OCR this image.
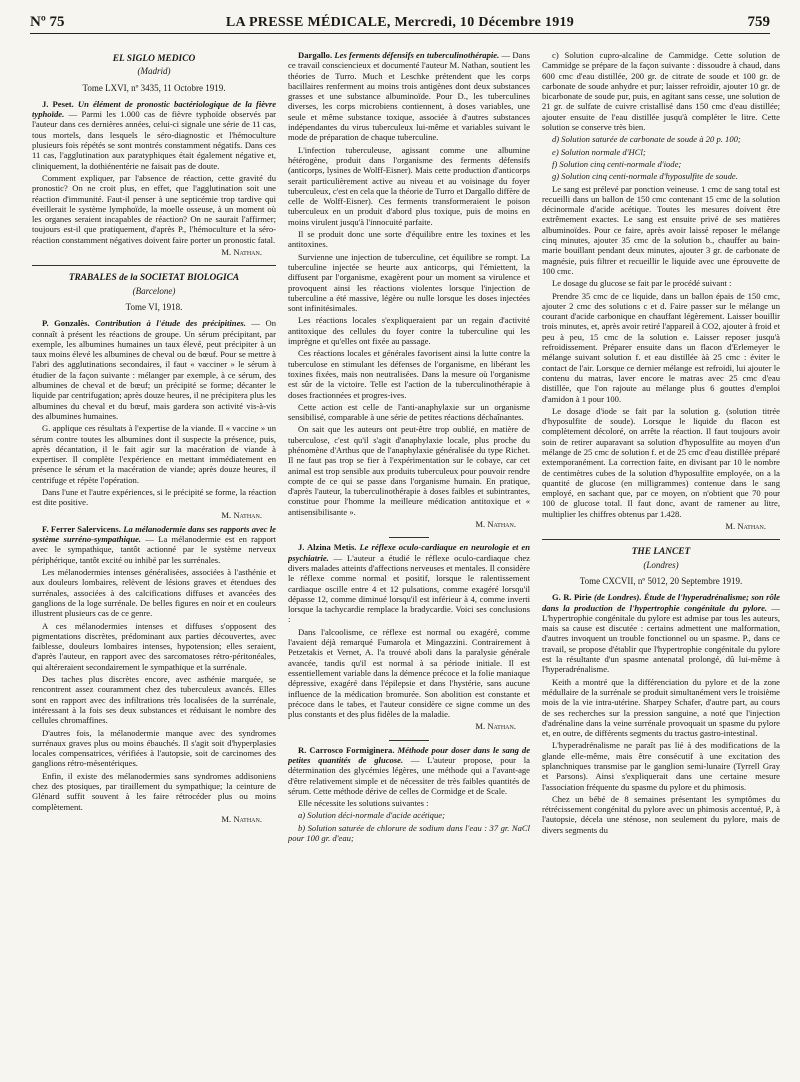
Nº 75	LA PRESSE MÉDICALE, Mercredi, 10 Décembre 1919	759
EL SIGLO MEDICO
(Madrid)
Tome LXVI, nº 3435, 11 Octobre 1919.

J. Peset. Un élément de pronostic bactériologique de la fièvre typhoïde. — Parmi les 1.000 cas de fièvre typhoïde observés par l'auteur dans ces dernières années, celui-ci signale une série de 11 cas, tous mortels, dans lesquels le séro-diagnostic et l'hémoculture plusieurs fois répétés se sont montrés constamment négatifs. Dans ces 11 cas, l'agglutination aux paratyphiques était également négative et, cliniquement, la dothiénentérie ne faisait pas de doute.

Comment expliquer, par l'absence de réaction, cette gravité du pronostic? On ne croit plus, en effet, que l'agglutination soit une réaction d'immunité. Faut-il penser à une septicémie trop tardive qui éveillerait le système lymphoïde, la moelle osseuse, à un moment où les organes seraient incapables de réaction? On ne saurait l'affirmer; toujours est-il que pratiquement, d'après P., l'hémoculture et la séro-réaction constamment négatives doivent faire porter un pronostic fatal.

M. Nathan.
TRABALES de la SOCIETAT BIOLOGICA
(Barcelone)
Tome VI, 1918.

P. Gonzalès. Contribution à l'étude des précipitines. — On connaît à présent les réactions de groupe. Un sérum précipitant, par exemple, les albumines humaines un taux élevé, peut précipiter à un taux moins élevé les albumines de cheval ou de bœuf. Pour se mettre à l'abri des agglutinations secondaires, il faut « vacciner » le sérum à étudier de la façon suivante : mélanger par exemple, à ce sérum, des albumines de cheval et de bœuf; un précipité se forme; décanter le liquide par centrifugation; après douze heures, il ne précipitera plus les albumines du cheval et du bœuf, mais gardera son activité vis-à-vis des albumines humaines.

G. applique ces résultats à l'expertise de la viande. Il « vaccine » un sérum contre toutes les albumines dont il suspecte la présence, puis, après décantation, il le fait agir sur la macération de viande à expertiser. Il complète l'expérience en mettant immédiatement en présence le sérum et la macération de viande; après douze heures, il centrifuge et répète l'opération.

Dans l'une et l'autre expériences, si le précipité se forme, la réaction est dite positive.

M. Nathan.

F. Ferrer Salervicens. La mélanodermie dans ses rapports avec le système surréno-sympathique. — La mélanodermie est en rapport avec le sympathique, tantôt actionné par le système nerveux périphérique, tantôt excité ou inhibé par les surrénales.

Les mélanodermies intenses généralisées, associées à l'asthénie et aux douleurs lombaires, relèvent de lésions graves et étendues des surrénales, associées à des calcifications diffuses et avancées des ganglions de la loge surrénale. De belles figures en noir et en couleurs illustrent plusieurs cas de ce genre.

A ces mélanodermies intenses et diffuses s'opposent des pigmentations discrètes, prédominant aux parties découvertes, avec faiblesse, douleurs lombaires intenses, hypotension; elles seraient, d'après l'auteur, en rapport avec des sarcomatoses rétro-péritonéales, qui altéreraient secondairement le sympathique et la surrénale.

Des taches plus discrètes encore, avec asthénie marquée, se rencontrent assez couramment chez des tuberculeux avancés. Elles sont en rapport avec des infiltrations très localisées de la surrénale, intéressant à la fois ses deux substances et réduisant le nombre des cellules chromaffines.

D'autres fois, la mélanodermie manque avec des syndromes surrénaux graves plus ou moins ébauchés. Il s'agit soit d'hyperplasies locales compensatrices, vérifiées à l'autopsie, soit de carcinomes des ganglions rétro-mésentériques.

Enfin, il existe des mélanodermies sans syndromes addisoniens chez des ptosiques, par tiraillement du sympathique; la ceinture de Glénard suffit souvent à les faire rétrocéder plus ou moins complètement.

M. Nathan.

Dargallo. Les ferments défensifs en tuberculinothérapie. — Dans ce travail consciencieux et documenté l'auteur M. Nathan, soutient les théories de Turro. Much et Leschke prétendent que les corps bacillaires renferment au moins trois antigènes dont deux substances grasses et une substance albuminoïde. Pour D., les tuberculines diverses, les corps microbiens contiennent, à doses variables, une seule et même substance toxique, associée à d'autres substances indépendantes du virus tuberculeux lui-même et variables suivant le mode de préparation de chaque tuberculine.

L'infection tuberculeuse, agissant comme une albumine hétérogène, produit dans l'organisme des ferments défensifs (anticorps, lysines de Wolff-Eisner). Mais cette production d'anticorps serait particulièrement active au niveau et au voisinage du foyer tuberculeux, c'est en cela que la théorie de Turro et Dargallo diffère de celle de Wolff-Eisner). Ces ferments transformeraient le poison tuberculeux en un produit d'abord plus toxique, puis de moins en moins virulent jusqu'à l'innocuité parfaite.

Il se produit donc une sorte d'équilibre entre les toxines et les antitoxines.

Survienne une injection de tuberculine, cet équilibre se rompt. La tuberculine injectée se heurte aux anticorps, qui l'émiettent, la diffusent par l'organisme, exagèrent pour un moment sa virulence et provoquent ainsi les réactions violentes lorsque l'injection de tuberculine a été massive, légère ou nulle lorsque les doses injectées sont infinitésimales.

Les réactions locales s'expliqueraient par un regain d'activité antitoxique des cellules du foyer contre la tuberculine qui les imprègne et qu'elles ont fixée au passage.

Ces réactions locales et générales favorisent ainsi la lutte contre la tuberculose en stimulant les défenses de l'organisme, en libérant les toxines fixées, mais non neutralisées. Dans la mesure où l'organisme est sûr de la victoire. Telle est l'action de la tuberculinothérapie à doses fractionnées et progres-ives.

Cette action est celle de l'anti-anaphylaxie sur un organisme sensibilisé, comparable à une série de petites réactions déchaînantes.

On sait que les auteurs ont peut-être trop oublié, en matière de tuberculose, c'est qu'il s'agit d'anaphylaxie locale, plus proche du phénomène d'Arthus que de l'anaphylaxie généralisée du type Richet. Il ne faut pas trop se fier à l'expérimentation sur le cobaye, car cet animal est trop sensible aux produits tuberculeux pour pouvoir rendre compte de ce qui se passe dans l'organisme humain. En pratique, d'après l'auteur, la tuberculinothérapie à doses faibles et subintrantes, constitue pour l'homme la meilleure médication antitoxique et « antisensibilisante ».

M. Nathan.

J. Alzina Metis. Le réflexe oculo-cardiaque en neurologie et en psychiatrie. — L'auteur a étudié le réflexe oculo-cardiaque chez divers malades atteints d'affections nerveuses et mentales. Il considère le réflexe comme normal et positif, lorsque le ralentissement cardiaque oscille entre 4 et 12 pulsations, comme exagéré lorsqu'il dépasse 12, comme diminué lorsqu'il est inférieur à 4, comme inverti lorsque la tachycardie remplace la bradycardie. Voici ses conclusions :

Dans l'alcoolisme, ce réflexe est normal ou exagéré, comme l'avaient déjà remarqué Fumarola et Mingazzini. Contrairement à Petzetakis et Vernet, A. l'a trouvé aboli dans la paralysie générale avancée, tandis qu'il est normal à sa période initiale. Il est essentiellement variable dans la démence précoce et la folie maniaque dépressive, exagéré dans l'épilepsie et dans l'hystérie, sans aucune influence de la médication bromurée. Son abolition est constante et précoce dans le tabes, et l'auteur considère ce signe comme un des plus constants et des plus fidèles de la maladie.

M. Nathan.

R. Carrosco Formiginera. Méthode pour doser dans le sang de petites quantités de glucose. — L'auteur propose, pour la détermination des glycémies légères, une méthode qui a l'avant-age d'être relativement simple et de nécessiter de très faibles quantités de sérum. Cette méthode dérive de celles de Cormidge et de Scale.

Elle nécessite les solutions suivantes :

a) Solution déci-normale d'acide acétique;

b) Solution saturée de chlorure de sodium dans l'eau : 37 gr. NaCl pour 100 gr. d'eau;

c) Solution cupro-alcaline de Cammidge. Cette solution de Cammidge se prépare de la façon suivante : dissoudre à chaud, dans 600 cmc d'eau distillée, 200 gr. de citrate de soude et 100 gr. de carbonate de soude anhydre et pur; laisser refroidir, ajouter 10 gr. de bicarbonate de soude pur, puis, en agitant sans cesse, une solution de 21 gr. de sulfate de cuivre cristallisé dans 150 cmc d'eau distillée; ajouter ensuite de l'eau distillée jusqu'à compléter le litre. Cette solution se conserve très bien.

d) Solution saturée de carbonate de soude à 20 p. 100;

e) Solution normale d'HCl;

f) Solution cinq centi-normale d'iode;

g) Solution cinq centi-normale d'hyposulfite de soude.

Le sang est prélevé par ponction veineuse. 1 cmc de sang total est recueilli dans un ballon de 150 cmc contenant 15 cmc de la solution décinormale d'acide acétique. Toutes les mesures doivent être extrêmement exactes. Le sang est ensuite privé de ses matières albuminoïdes. Pour ce faire, après avoir laissé reposer le mélange cinq minutes, ajouter 35 cmc de la solution b., chauffer au bain-marie bouillant pendant deux minutes, ajouter 3 gr. de carbonate de magnésie, puis filtrer et recueillir le liquide avec une éprouvette de 100 cmc.

Le dosage du glucose se fait par le procédé suivant :

Prendre 35 cmc de ce liquide, dans un ballon épais de 150 cmc, ajouter 2 cmc des solutions c et d. Faire passer sur le mélange un courant d'acide carbonique en chauffant légèrement. Laisser bouillir trois minutes, et, après avoir retiré l'appareil à CO2, ajouter à froid et peu à peu, 15 cmc de la solution e. Laisser reposer jusqu'à refroidissement. Préparer ensuite dans un flacon d'Erlemeyer le mélange suivant solution f. et eau distillée àà 25 cmc : éviter le contact de l'air. Lorsque ce dernier mélange est refroidi, lui ajouter le contenu du matras, laver encore le matras avec 25 cmc d'eau distillée, que l'on rajoute au mélange plus 6 gouttes d'emploi d'amidon à 1 pour 100.

Le dosage d'iode se fait par la solution g. (solution titrée d'hyposulfite de soude). Lorsque le liquide du flacon est complètement décoloré, on arrête la réaction. Il faut toujours avoir soin de retirer auparavant sa solution d'hyposulfite au moyen d'un mélange de 25 cmc de solution f. et de 25 cmc d'eau distillée préparé extemporanément. La correction faite, en divisant par 10 le nombre de centimètres cubes de la solution d'hyposulfite employée, on a la quantité de glucose (en milligrammes) contenue dans le sang employé, en sachant que, par ce moyen, on n'obtient que 70 pour 100 de glucose total. Il faut donc, avant de ramener au litre, multiplier les chiffres obtenus par 1.428.

M. Nathan.
THE LANCET
(Londres)
Tome CXCVII, nº 5012, 20 Septembre 1919.

G. R. Pirie (de Londres). Étude de l'hyperadrénalisme; son rôle dans la production de l'hypertrophie congénitale du pylore. — L'hypertrophie congénitale du pylore est admise par tous les auteurs, mais sa cause est discutée : certains admettent une malformation, d'autres invoquent un trouble fonctionnel ou un spasme. P., dans ce travail, se propose d'établir que l'hypertrophie congénitale du pylore est la résultante d'un spasme antenatal prolongé, dû lui-même à l'hyperadrénalisme.

Keith a montré que la différenciation du pylore et de la zone médullaire de la surrénale se produit simultanément vers le troisième mois de la vie intra-utérine. Sharpey Schafer, d'autre part, au cours de ses recherches sur la pression sanguine, a noté que l'injection d'adrénaline dans la veine surrénale provoquait un spasme du pylore et, en outre, de différents segments du tractus gastro-intestinal.

L'hyperadrénalisme ne paraît pas lié à des modifications de la glande elle-même, mais être consécutif à une excitation des splanchniques transmise par le ganglion semi-lunaire (Tyrrell Gray et Parsons). Ainsi s'expliquerait dans une certaine mesure l'association fréquente du spasme du pylore et du phimosis.

Chez un bébé de 8 semaines présentant les symptômes du rétrécissement congénital du pylore avec un phimosis accentué, P., à l'autopsie, décela une sténose, non seulement du pylore, mais de divers segments du
